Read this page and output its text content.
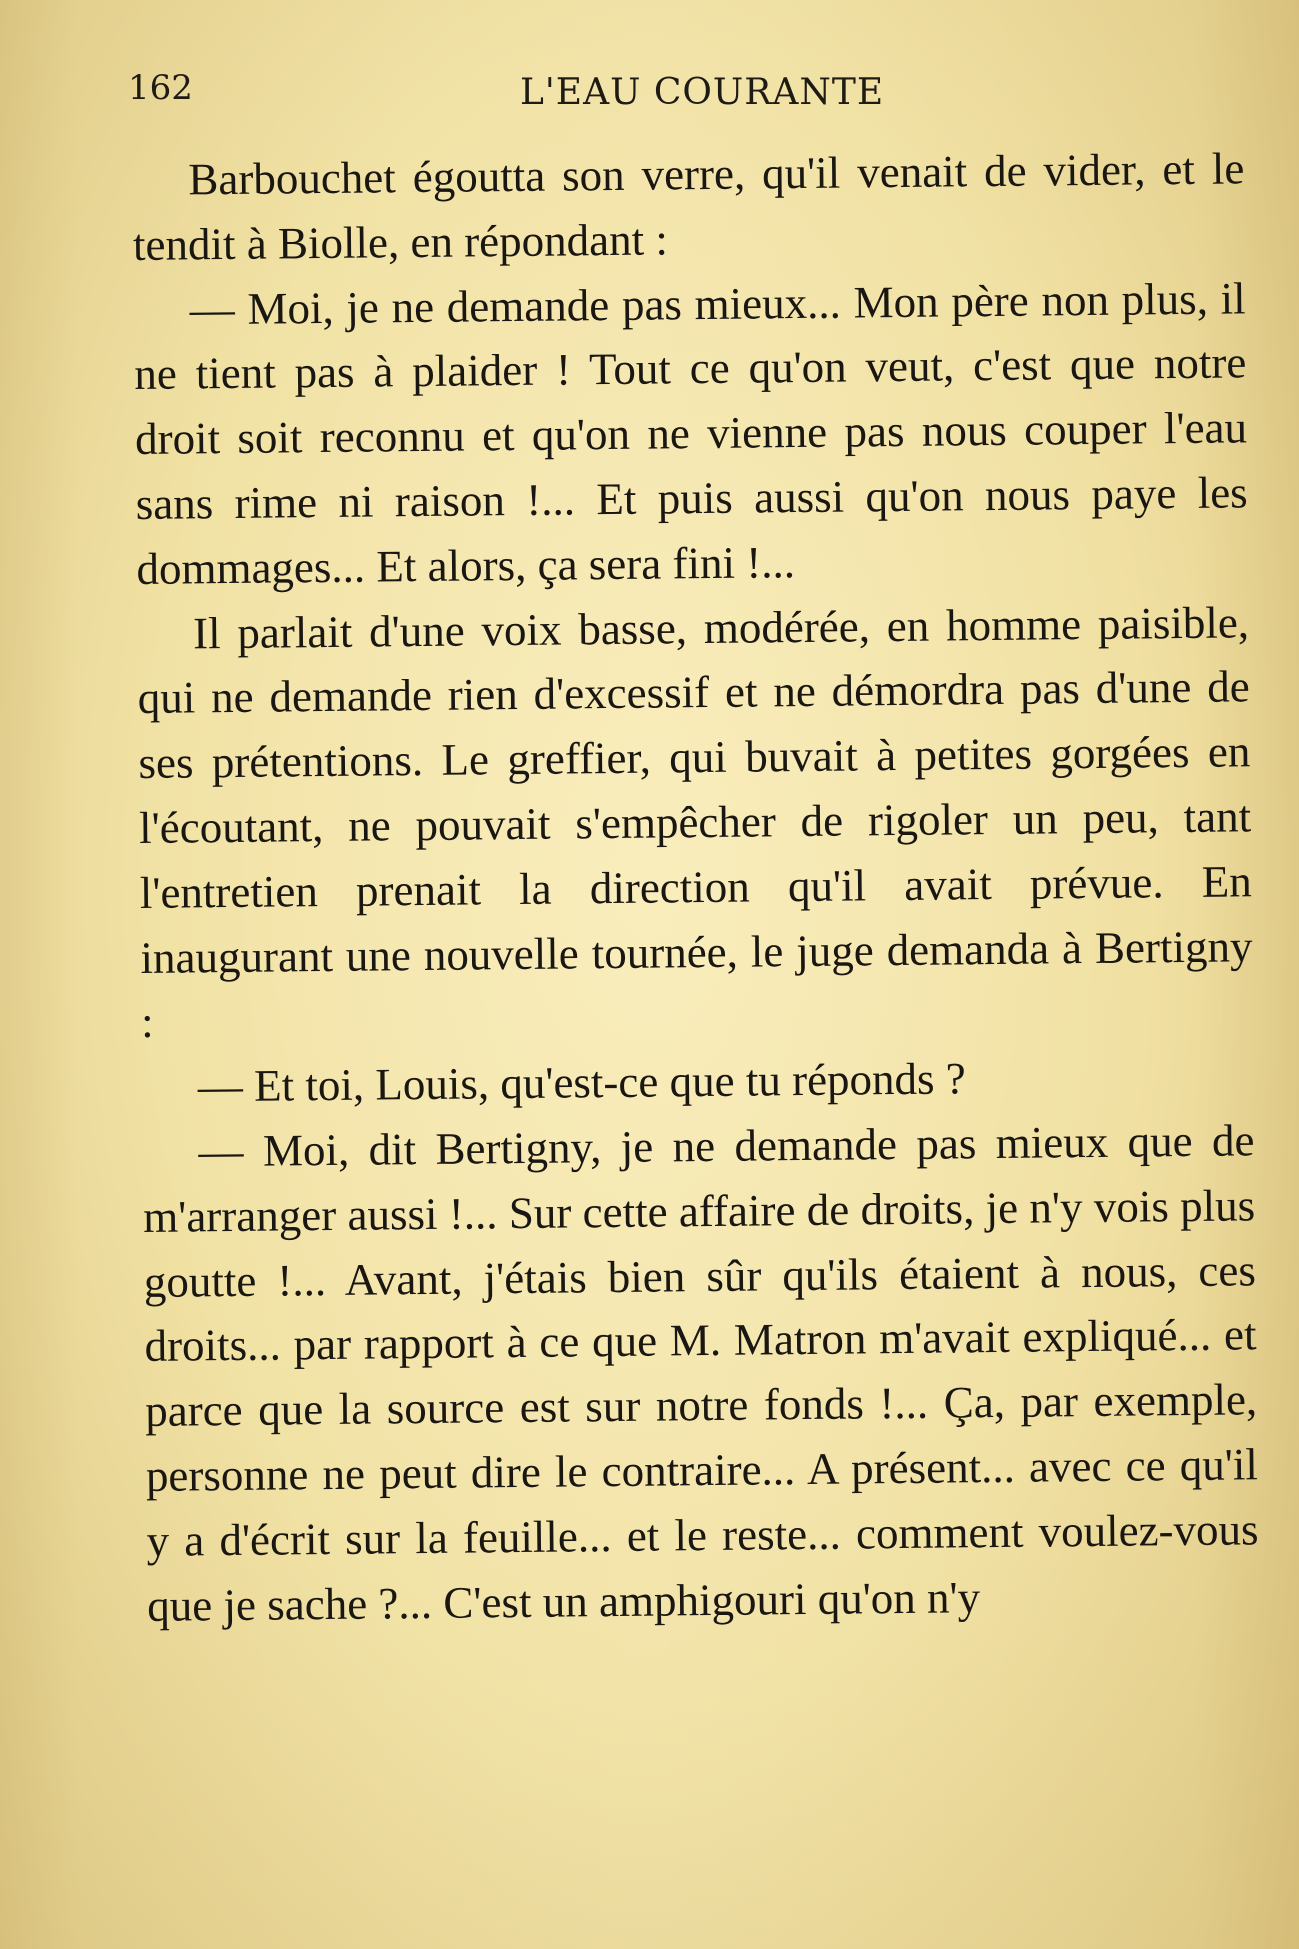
162	L'EAU COURANTE

Barbouchet égoutta son verre, qu'il venait de vider, et le tendit à Biolle, en répondant :

— Moi, je ne demande pas mieux... Mon père non plus, il ne tient pas à plaider ! Tout ce qu'on veut, c'est que notre droit soit reconnu et qu'on ne vienne pas nous couper l'eau sans rime ni raison !... Et puis aussi qu'on nous paye les dommages... Et alors, ça sera fini !...

Il parlait d'une voix basse, modérée, en homme paisible, qui ne demande rien d'excessif et ne démordra pas d'une de ses prétentions. Le greffier, qui buvait à petites gorgées en l'écoutant, ne pouvait s'empêcher de rigoler un peu, tant l'entretien prenait la direction qu'il avait prévue. En inaugurant une nouvelle tournée, le juge demanda à Bertigny :

— Et toi, Louis, qu'est-ce que tu réponds ?

— Moi, dit Bertigny, je ne demande pas mieux que de m'arranger aussi !... Sur cette affaire de droits, je n'y vois plus goutte !... Avant, j'étais bien sûr qu'ils étaient à nous, ces droits... par rapport à ce que M. Matron m'avait expliqué... et parce que la source est sur notre fonds !... Ça, par exemple, personne ne peut dire le contraire... A présent... avec ce qu'il y a d'écrit sur la feuille... et le reste... comment voulez-vous que je sache ?... C'est un amphigouri qu'on n'y
